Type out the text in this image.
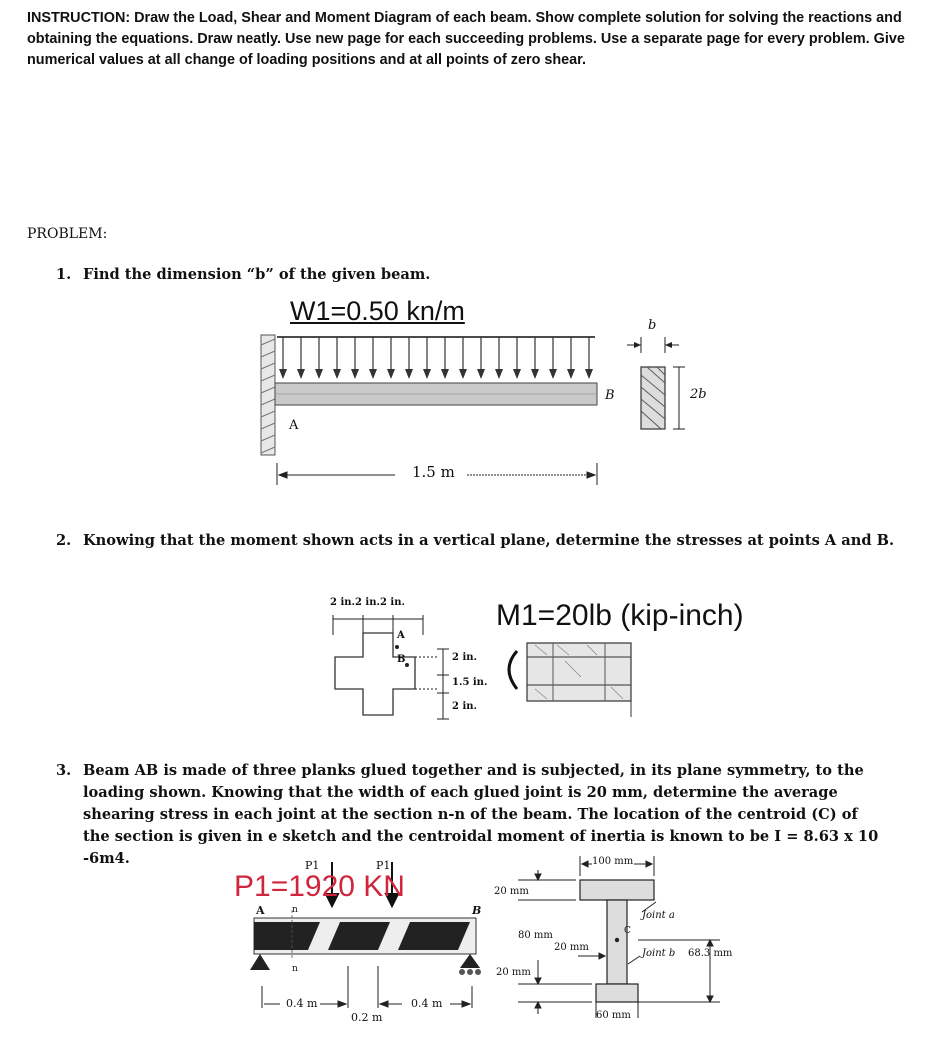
INSTRUCTION: Draw the Load, Shear and Moment Diagram of each beam. Show complete solution for solving the reactions and obtaining the equations. Draw neatly. Use new page for each succeeding problems. Use a separate page for every problem. Give numerical values at all change of loading positions and at all points of zero shear.
PROBLEM:
1. Find the dimension “b” of the given beam.
W1=0.50 kn/m
A
B
1.5 m
b
2b
2. Knowing that the moment shown acts in a vertical plane, determine the stresses at points A and B.
2 in.2 in.2 in.
A
B	2 in.
1.5 in.
2 in.
M1=20lb (kip-inch)
3. Beam AB is made of three planks glued together and is subjected, in its plane symmetry, to the loading shown. Knowing that the width of each glued joint is 20 mm, determine the average shearing stress in each joint at the section n-n of the beam. The location of the centroid (C) of the section is given in e sketch and the centroidal moment of inertia is known to be I = 8.63 x 10 -6m4.
P1=1920 KN
P1	P1
A	B
n
n
0.4 m
0.2 m
0.4 m
100 mm
20 mm
80 mm
20 mm
20 mm
60 mm
C
Joint a
Joint b 68.3 mm
